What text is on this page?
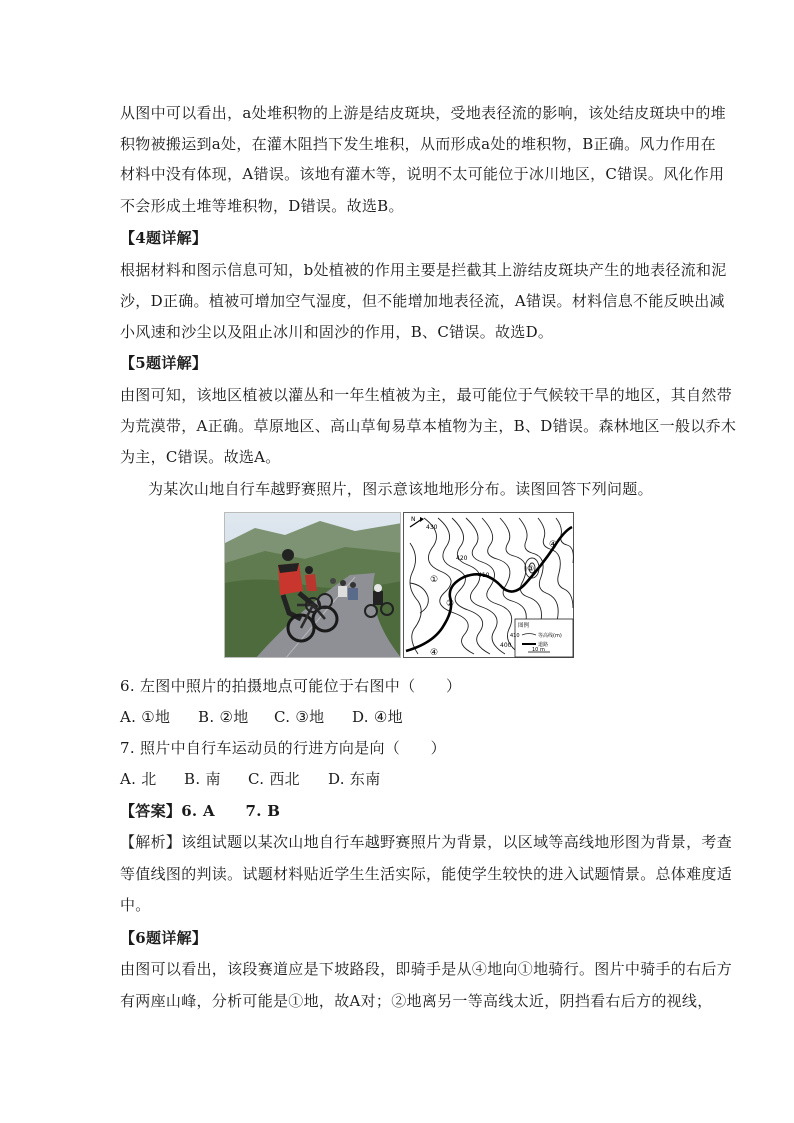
从图中可以看出，a处堆积物的上游是结皮斑块，受地表径流的影响，该处结皮斑块中的堆
积物被搬运到a处，在灌木阻挡下发生堆积，从而形成a处的堆积物，B正确。风力作用在
材料中没有体现，A错误。该地有灌木等，说明不太可能位于冰川地区，C错误。风化作用
不会形成土堆等堆积物，D错误。故选B。
【4题详解】
根据材料和图示信息可知，b处植被的作用主要是拦截其上游结皮斑块产生的地表径流和泥
沙，D正确。植被可增加空气湿度，但不能增加地表径流，A错误。材料信息不能反映出减
小风速和沙尘以及阻止冰川和固沙的作用，B、C错误。故选D。
【5题详解】
由图可知，该地区植被以灌丛和一年生植被为主，最可能位于气候较干旱的地区，其自然带
为荒漠带，A正确。草原地区、高山草甸易草本植物为主，B、D错误。森林地区一般以乔木
为主，C错误。故选A。
为某次山地自行车越野赛照片，图示意该地地形分布。读图回答下列问题。
N
430
420
410
图例
410	等高线(m)
道路
10 m
400
①
②
③
④
④
6. 左图中照片的拍摄地点可能位于右图中（　　）
A. ①地 B. ②地 C. ③地 D. ④地
7. 照片中自行车运动员的行进方向是向（　　）
A. 北 B. 南 C. 西北 D. 东南
【答案】6. A　　7. B
【解析】该组试题以某次山地自行车越野赛照片为背景，以区域等高线地形图为背景，考查
等值线图的判读。试题材料贴近学生生活实际，能使学生较快的进入试题情景。总体难度适
中。
【6题详解】
由图可以看出，该段赛道应是下坡路段，即骑手是从④地向①地骑行。图片中骑手的右后方
有两座山峰，分析可能是①地，故A对；②地离另一等高线太近，阴挡看右后方的视线，
